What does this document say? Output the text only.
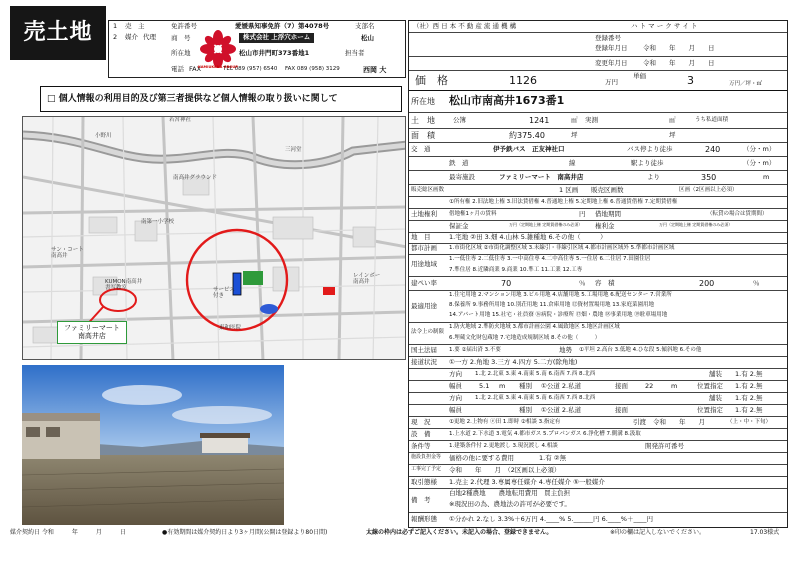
売土地	1 売　主
2 媒介 代理
免許番号	愛媛県知事免許（7）第4078号	支部名
商　号	株式会社 上浮穴ホーム	松山
所在地	松山市井門町373番地1	担当者
電話 FAX	TEL 089 (957) 6540 FAX 089 (958) 3129	西岡 大
KAMIUKENA GROUP
□ 個人情報の利用目的及び第三者提供など個人情報の取り扱いに関して
若宮神社
三河堂
南高井グラウンド
南第一小学校
小野川
サン・コート
南高井
KUMON南高井
書写教室	サービス
付き
東和医院
レインボー
南高井
ファミリーマート
南高井店
（社）西 日 本 不 動 産 流 通 機 構	ハ ト マ ー ク サ イ ト
登録番号
登録年月日 令和　　年　　月　　日
変更年月日 令和　　年　　月　　日
価　格	1126	万円
単価	3	万円／坪・㎡
所在地 松山市南高井1673番1
土　地	公簿	1241	㎡ 実測	㎡	うち私道面積
面　積	約375.40	坪	坪
交　通	伊予鉄バス　正友神社口	バス停より徒歩	240	（分・m）
鉄　道	線	駅より徒歩	（分・m）
最寄施設	ファミリーマート　南高井店	より	350	m
販売総区画数	1 区画 販売区画数	区画（2区画以上必須）
①所有権 2.旧法地上権 3.旧法賃借権 4.普通地上権 5.定期地上権 6.普通賃借権 7.定期賃借権
土地権利 借地権1ヶ月の賃料	円 借地期間	（転貸の場合は賃期間）
保証金	万円（定期地上権 定期賃借権のみ必須） 権利金	万円（定期地上権 定期賃借権のみ必須）
地　目	1.宅地 ②田 3.畑 4.山林 5.雑種地 6.その他（　　　）
都市計画 1.市街化区域 ②市街化調整区域 3.未線引・非線引区域 4.都市計画区域外 5.準都市計画区域
用途地域
1.一低住専 2.二低住専 3.一中高住専 4.二中高住専 5.一住居 6.二住居 7.田園住居
7.準住居 8.近隣商業 9.商業 10.準工 11.工業 12.工専
建ぺい率	70	％ 容　積	200	％
最適用途
1.住宅用地 2.マンション用地 3.ビル用地 4.店舗用地 5.工場用地 6.配送センター 7.営業所
8.保養所 9.事務所用地 10.別荘用地 11.倉庫用地 ⑫資材置場用地 13.家庭菜園用地
14.アパート用地 15.社宅・社員寮 ⑯病院・診療所 ⑰畑・農地 ⑱事業用地 ⑲駐車場用地
法令上の制限
1.防火地域 2.準防火地域 3.都市計画公園 4.風致地区 5.地区計画区域
6.埋蔵文化財包蔵地 7.宅地造成規制区域 8.その他（　　　）
国土法届 1.要 ②届出済 3.不要	地勢 ①平坦 2.高台 3.低地 4.ひな段 5.傾斜地 6.その他
接道状況 ①一方 2.角地 3.三方 4.四方 5.二方(除角地)
方向 1.北 2.北東 3.東 4.南東 5.南 6.南西 7.西 8.北西	舗装 1.有 2.無
幅員	5.1 m 種別 ①公道 2.私道	接面	22	m	位置指定 1.有 2.無
方向 1.北 2.北東 3.東 4.南東 5.南 6.南西 7.西 8.北西	舗装 1.有 2.無
幅員	種別 ①公道 2.私道	接面	位置指定 1.有 2.無
現　況	①更地 2.上物有 ⓔ田 1.即時 ②相談 3.指定有	引渡 令和　　年　　月	（上・中・下旬）
設　備	1.上水道 2.下水道 3.電気 4.都市ガス 5.プロパンガス 6.浄化槽 7.側溝 8.汲取
条件等	1.建築条件付 2.更地渡し 3.現況渡し 4.相談	開発許可番号
施設負担金等 価格の他に要する費用	1.有 ②無
工事完了予定 令和　　年　　月　（2区画以上必須）
取引態様 1.売主 2.代理 3.専属専任媒介 4.専任媒介 ⑤一般媒介
備　考
白地2種農地　　農地転用費用　買主負担
※現況田の為、農地法の許可が必要です。
報酬形態 ①分かれ 2.なし 3.3%＋6万円 4.____% 5.______円 6.____%＋____円
媒介契約日 令和　　　年　　　月　　　日	●有効期間は媒介契約日より3ヶ月間(公開は登録より80日間)	太線の枠内は必ずご記入ください。未記入の場合、登録できません。	※印の欄は記入しないでください。	17.03様式
